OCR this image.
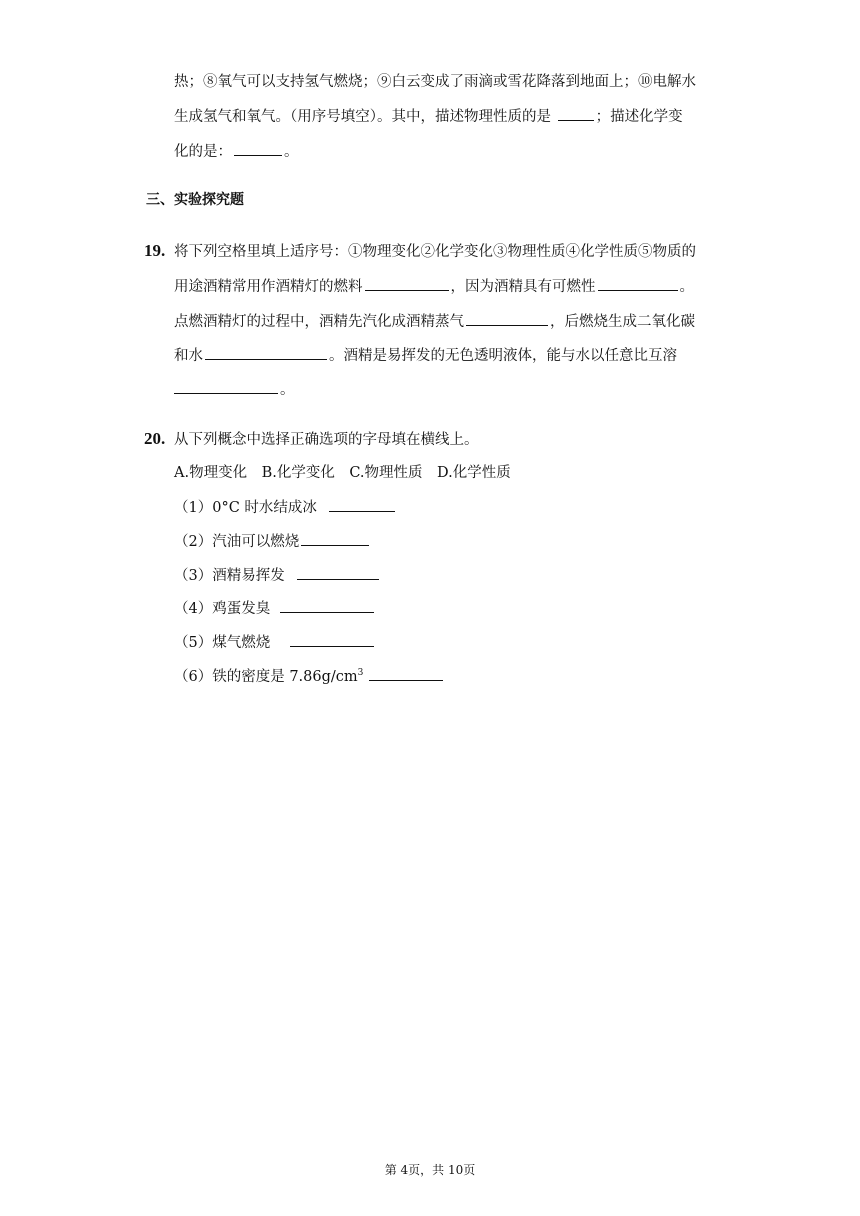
热；⑧氧气可以支持氢气燃烧；⑨白云变成了雨滴或雪花降落到地面上；⑩电解水
生成氢气和氧气。（用序号填空）。其中，描述物理性质的是	；描述化学变
化的是：	。
三、实验探究题
19. 将下列空格里填上适序号：①物理变化②化学变化③物理性质④化学性质⑤物质的
用途酒精常用作酒精灯的燃料	，因为酒精具有可燃性	。
点燃酒精灯的过程中，酒精先汽化成酒精蒸气	，后燃烧生成二氧化碳
和水	。酒精是易挥发的无色透明液体，能与水以任意比互溶
。
20. 从下列概念中选择正确选项的字母填在横线上。
A.物理变化　B.化学变化　C.物理性质　D.化学性质
（1）0°C 时水结成冰
（2）汽油可以燃烧
（3）酒精易挥发
（4）鸡蛋发臭
（5）煤气燃烧
（6）铁的密度是 $7.86g/cm^3$
第 4页，共 10页
